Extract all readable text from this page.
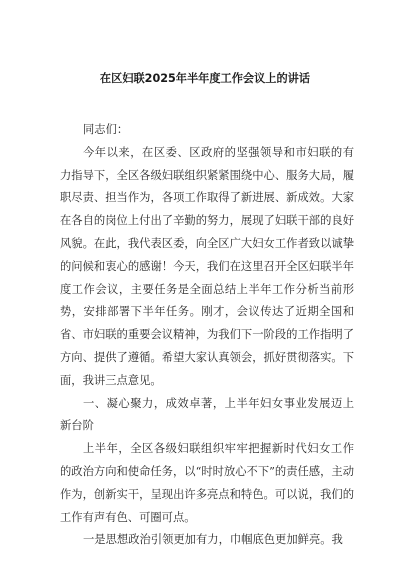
在区妇联2025年半年度工作会议上的讲话

同志们：

今年以来，在区委、区政府的坚强领导和市妇联的有力指导下，全区各级妇联组织紧紧围绕中心、服务大局，履职尽责、担当作为，各项工作取得了新进展、新成效。大家在各自的岗位上付出了辛勤的努力，展现了妇联干部的良好风貌。在此，我代表区委，向全区广大妇女工作者致以诚挚的问候和衷心的感谢！今天，我们在这里召开全区妇联半年度工作会议，主要任务是全面总结上半年工作分析当前形势，安排部署下半年任务。刚才，会议传达了近期全国和省、市妇联的重要会议精神，为我们下一阶段的工作指明了方向、提供了遵循。希望大家认真领会，抓好贯彻落实。下面，我讲三点意见。

一、凝心聚力，成效卓著，上半年妇女事业发展迈上新台阶

上半年，全区各级妇联组织牢牢把握新时代妇女工作的政治方向和使命任务，以“时时放心不下”的责任感，主动作为，创新实干，呈现出许多亮点和特色。可以说，我们的工作有声有色、可圈可点。

一是思想政治引领更加有力，巾帼底色更加鲜亮。我
